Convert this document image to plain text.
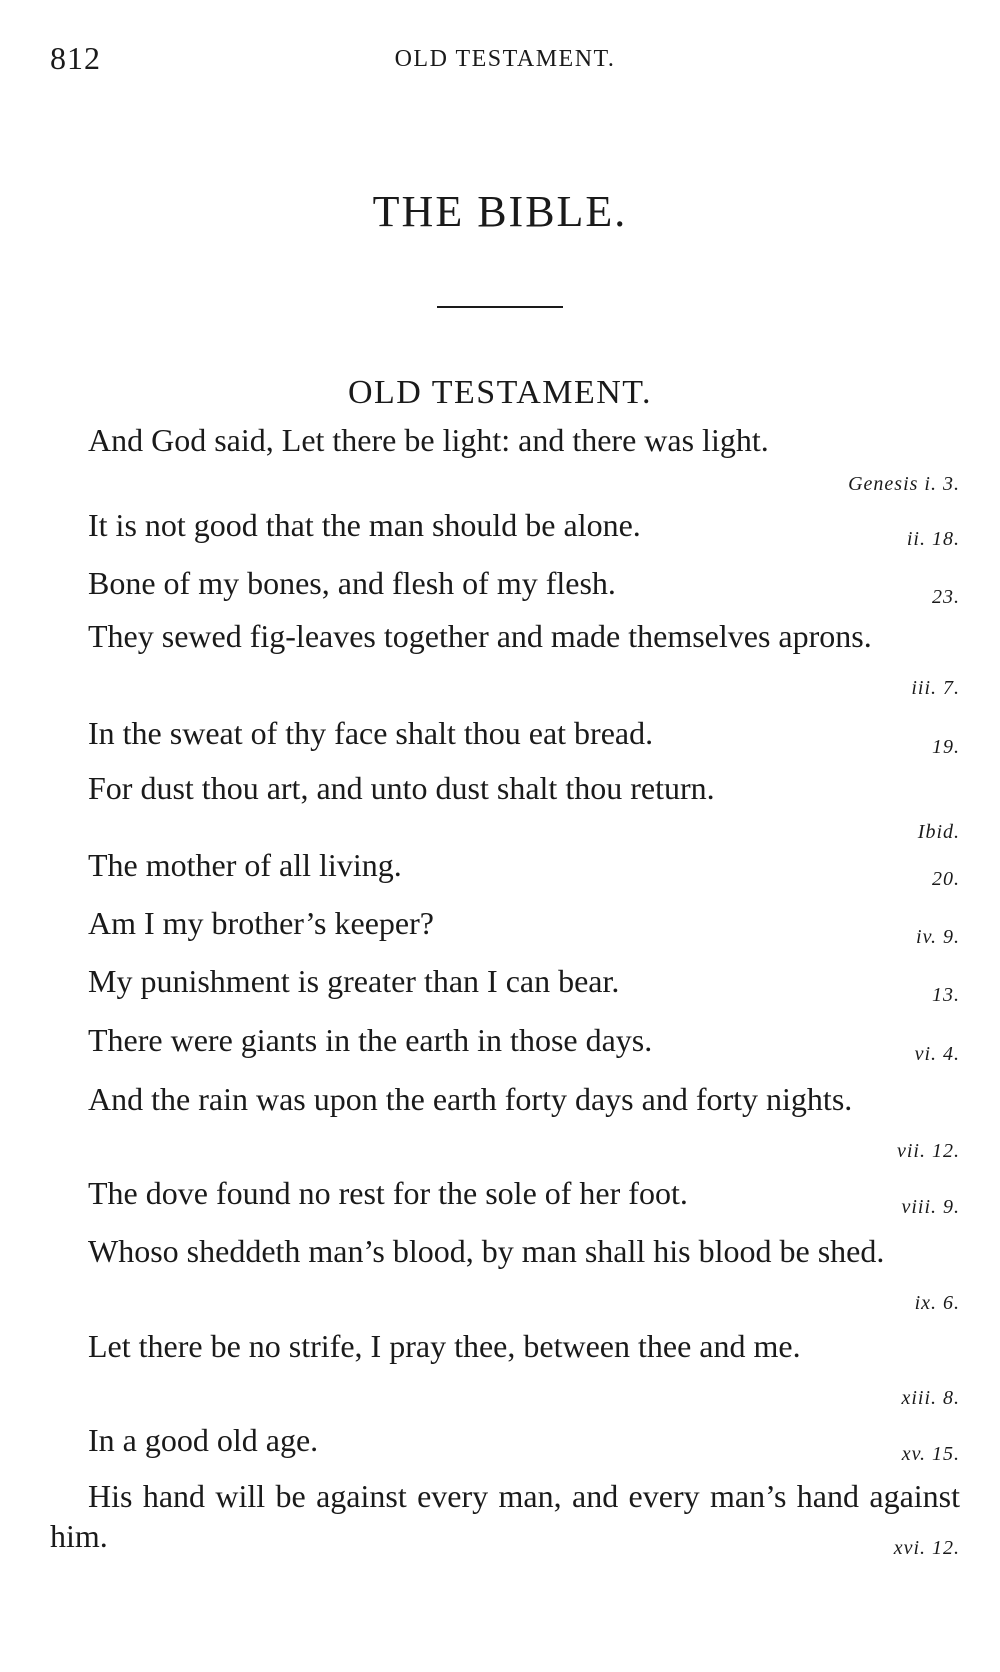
812	OLD TESTAMENT.
THE BIBLE.
OLD TESTAMENT.
And God said, Let there be light: and there was light.
Genesis i. 3.
It is not good that the man should be alone.	ii. 18.
Bone of my bones, and flesh of my flesh.	23.
They sewed fig-leaves together and made themselves aprons.
iii. 7.
In the sweat of thy face shalt thou eat bread.	19.
For dust thou art, and unto dust shalt thou return.
Ibid.
The mother of all living.	20.
Am I my brother’s keeper?	iv. 9.
My punishment is greater than I can bear.	13.
There were giants in the earth in those days.	vi. 4.
And the rain was upon the earth forty days and forty nights.
vii. 12.
The dove found no rest for the sole of her foot.	viii. 9.
Whoso sheddeth man’s blood, by man shall his blood be shed.
ix. 6.
Let there be no strife, I pray thee, between thee and me.
xiii. 8.
In a good old age.	xv. 15.
His hand will be against every man, and every man’s hand against him.	xvi. 12.
